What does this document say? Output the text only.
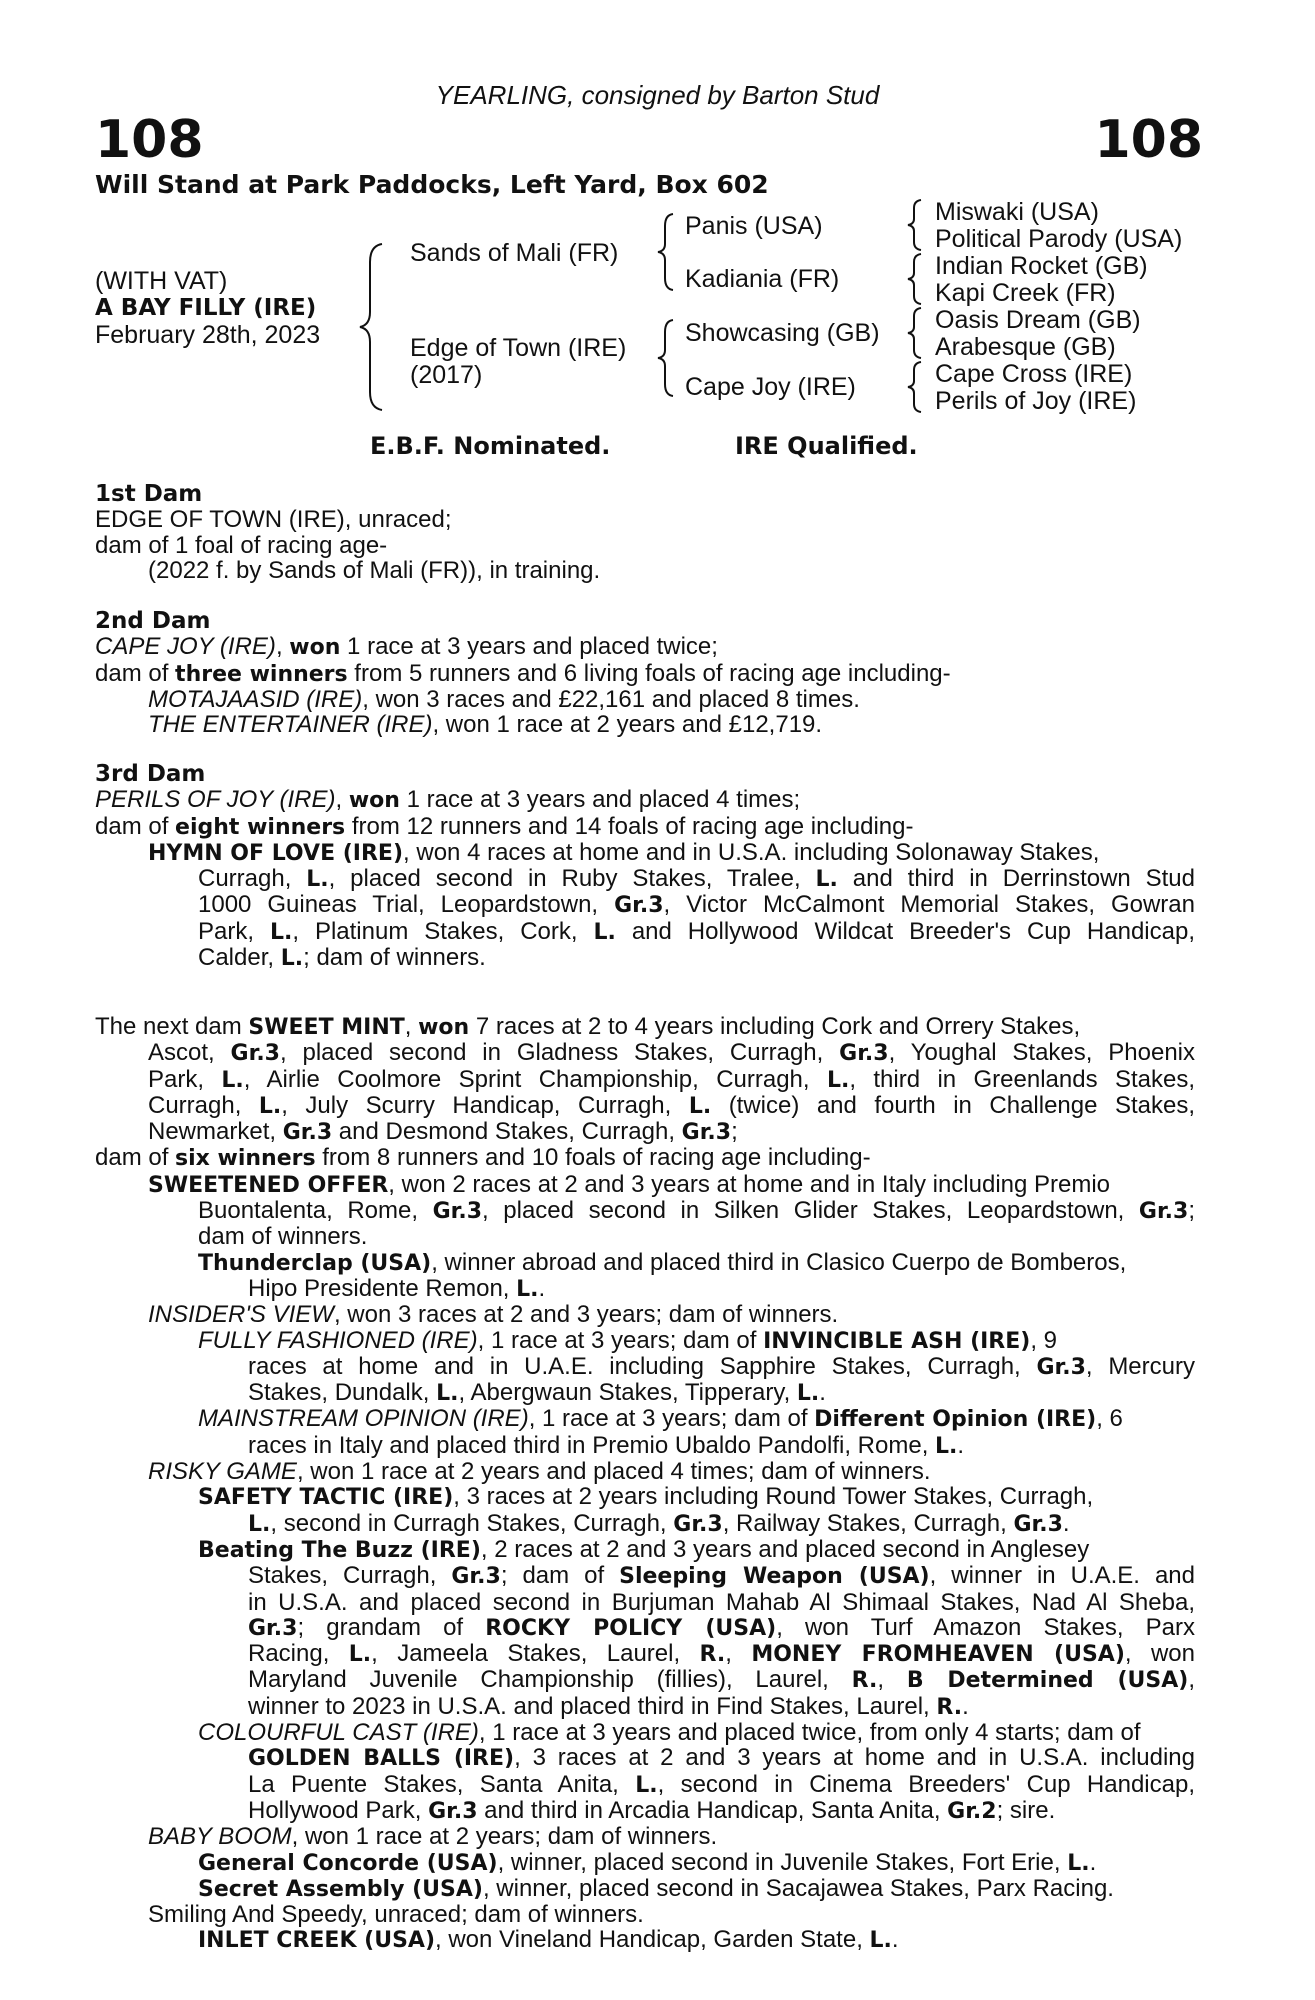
YEARLING, consigned by Barton Stud
108	108
Will Stand at Park Paddocks, Left Yard, Box 602
(WITH VAT)
A BAY FILLY (IRE)
February 28th, 2023
Sands of Mali (FR)
Edge of Town (IRE)
(2017)
Panis (USA)
Kadiania (FR)
Showcasing (GB)
Cape Joy (IRE)
Miswaki (USA)
Political Parody (USA)
Indian Rocket (GB)
Kapi Creek (FR)
Oasis Dream (GB)
Arabesque (GB)
Cape Cross (IRE)
Perils of Joy (IRE)
E.B.F. Nominated.	IRE Qualified.
1st Dam
EDGE OF TOWN (IRE), unraced;
dam of 1 foal of racing age-
(2022 f. by Sands of Mali (FR)), in training.
2nd Dam
CAPE JOY (IRE), won 1 race at 3 years and placed twice;
dam of three winners from 5 runners and 6 living foals of racing age including-
MOTAJAASID (IRE), won 3 races and £22,161 and placed 8 times.
THE ENTERTAINER (IRE), won 1 race at 2 years and £12,719.
3rd Dam
PERILS OF JOY (IRE), won 1 race at 3 years and placed 4 times;
dam of eight winners from 12 runners and 14 foals of racing age including-
HYMN OF LOVE (IRE), won 4 races at home and in U.S.A. including Solonaway Stakes,
Curragh, L., placed second in Ruby Stakes, Tralee, L. and third in Derrinstown Stud
1000 Guineas Trial, Leopardstown, Gr.3, Victor McCalmont Memorial Stakes, Gowran
Park, L., Platinum Stakes, Cork, L. and Hollywood Wildcat Breeder's Cup Handicap,
Calder, L.; dam of winners.
The next dam SWEET MINT, won 7 races at 2 to 4 years including Cork and Orrery Stakes,
Ascot, Gr.3, placed second in Gladness Stakes, Curragh, Gr.3, Youghal Stakes, Phoenix
Park, L., Airlie Coolmore Sprint Championship, Curragh, L., third in Greenlands Stakes,
Curragh, L., July Scurry Handicap, Curragh, L. (twice) and fourth in Challenge Stakes,
Newmarket, Gr.3 and Desmond Stakes, Curragh, Gr.3;
dam of six winners from 8 runners and 10 foals of racing age including-
SWEETENED OFFER, won 2 races at 2 and 3 years at home and in Italy including Premio
Buontalenta, Rome, Gr.3, placed second in Silken Glider Stakes, Leopardstown, Gr.3;
dam of winners.
Thunderclap (USA), winner abroad and placed third in Clasico Cuerpo de Bomberos,
Hipo Presidente Remon, L..
INSIDER'S VIEW, won 3 races at 2 and 3 years; dam of winners.
FULLY FASHIONED (IRE), 1 race at 3 years; dam of INVINCIBLE ASH (IRE), 9
races at home and in U.A.E. including Sapphire Stakes, Curragh, Gr.3, Mercury
Stakes, Dundalk, L., Abergwaun Stakes, Tipperary, L..
MAINSTREAM OPINION (IRE), 1 race at 3 years; dam of Different Opinion (IRE), 6
races in Italy and placed third in Premio Ubaldo Pandolfi, Rome, L..
RISKY GAME, won 1 race at 2 years and placed 4 times; dam of winners.
SAFETY TACTIC (IRE), 3 races at 2 years including Round Tower Stakes, Curragh,
L., second in Curragh Stakes, Curragh, Gr.3, Railway Stakes, Curragh, Gr.3.
Beating The Buzz (IRE), 2 races at 2 and 3 years and placed second in Anglesey
Stakes, Curragh, Gr.3; dam of Sleeping Weapon (USA), winner in U.A.E. and
in U.S.A. and placed second in Burjuman Mahab Al Shimaal Stakes, Nad Al Sheba,
Gr.3; grandam of ROCKY POLICY (USA), won Turf Amazon Stakes, Parx
Racing, L., Jameela Stakes, Laurel, R., MONEY FROMHEAVEN (USA), won
Maryland Juvenile Championship (fillies), Laurel, R., B Determined (USA),
winner to 2023 in U.S.A. and placed third in Find Stakes, Laurel, R..
COLOURFUL CAST (IRE), 1 race at 3 years and placed twice, from only 4 starts; dam of
GOLDEN BALLS (IRE), 3 races at 2 and 3 years at home and in U.S.A. including
La Puente Stakes, Santa Anita, L., second in Cinema Breeders' Cup Handicap,
Hollywood Park, Gr.3 and third in Arcadia Handicap, Santa Anita, Gr.2; sire.
BABY BOOM, won 1 race at 2 years; dam of winners.
General Concorde (USA), winner, placed second in Juvenile Stakes, Fort Erie, L..
Secret Assembly (USA), winner, placed second in Sacajawea Stakes, Parx Racing.
Smiling And Speedy, unraced; dam of winners.
INLET CREEK (USA), won Vineland Handicap, Garden State, L..
